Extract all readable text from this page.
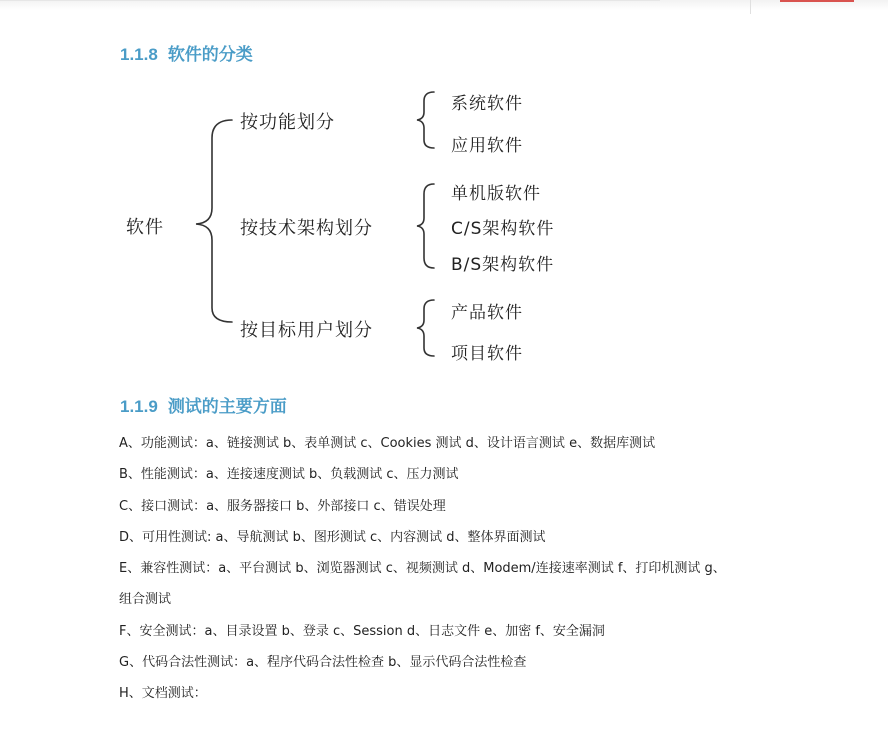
1.1.8 软件的分类
软件
按功能划分
按技术架构划分
按目标用户划分
系统软件
应用软件
单机版软件
C/S架构软件
B/S架构软件
产品软件
项目软件
1.1.9 测试的主要方面
A、功能测试：a、链接测试 b、表单测试 c、Cookies 测试 d、设计语言测试 e、数据库测试
B、性能测试：a、连接速度测试 b、负载测试 c、压力测试
C、接口测试：a、服务器接口 b、外部接口 c、错误处理
D、可用性测试: a、导航测试 b、图形测试 c、内容测试 d、整体界面测试
E、兼容性测试：a、平台测试 b、浏览器测试 c、视频测试 d、Modem/连接速率测试 f、打印机测试 g、
组合测试
F、安全测试：a、目录设置 b、登录 c、Session d、日志文件 e、加密 f、安全漏洞
G、代码合法性测试：a、程序代码合法性检查 b、显示代码合法性检查
H、文档测试：
